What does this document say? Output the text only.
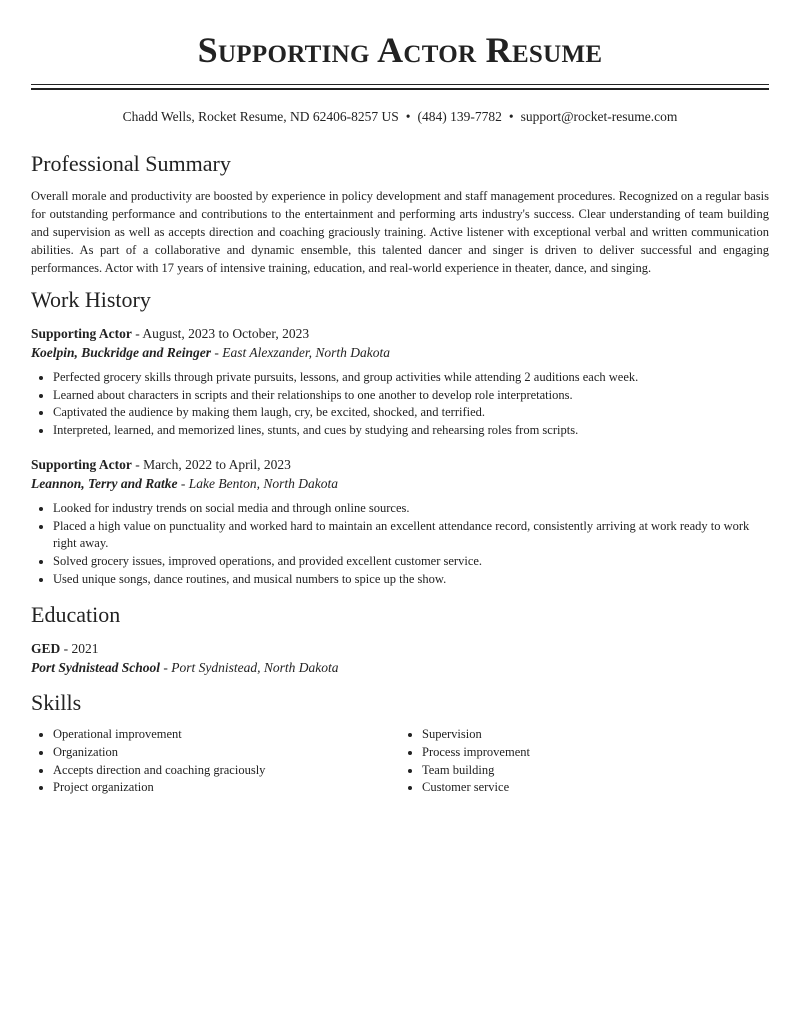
Supporting Actor Resume
Chadd Wells, Rocket Resume, ND 62406-8257 US • (484) 139-7782 • support@rocket-resume.com
Professional Summary

Overall morale and productivity are boosted by experience in policy development and staff management procedures. Recognized on a regular basis for outstanding performance and contributions to the entertainment and performing arts industry's success. Clear understanding of team building and supervision as well as accepts direction and coaching graciously training. Active listener with exceptional verbal and written communication abilities. As part of a collaborative and dynamic ensemble, this talented dancer and singer is driven to deliver successful and engaging performances. Actor with 17 years of intensive training, education, and real-world experience in theater, dance, and singing.

Work History
Supporting Actor - August, 2023 to October, 2023
Koelpin, Buckridge and Reinger - East Alexzander, North Dakota
• Perfected grocery skills through private pursuits, lessons, and group activities while attending 2 auditions each week.
• Learned about characters in scripts and their relationships to one another to develop role interpretations.
• Captivated the audience by making them laugh, cry, be excited, shocked, and terrified.
• Interpreted, learned, and memorized lines, stunts, and cues by studying and rehearsing roles from scripts.
Supporting Actor - March, 2022 to April, 2023
Leannon, Terry and Ratke - Lake Benton, North Dakota
• Looked for industry trends on social media and through online sources.
• Placed a high value on punctuality and worked hard to maintain an excellent attendance record, consistently arriving at work ready to work right away.
• Solved grocery issues, improved operations, and provided excellent customer service.
• Used unique songs, dance routines, and musical numbers to spice up the show.
Education
GED - 2021
Port Sydnistead School - Port Sydnistead, North Dakota
Skills
• Operational improvement
• Organization
• Accepts direction and coaching graciously
• Project organization
• Supervision
• Process improvement
• Team building
• Customer service
